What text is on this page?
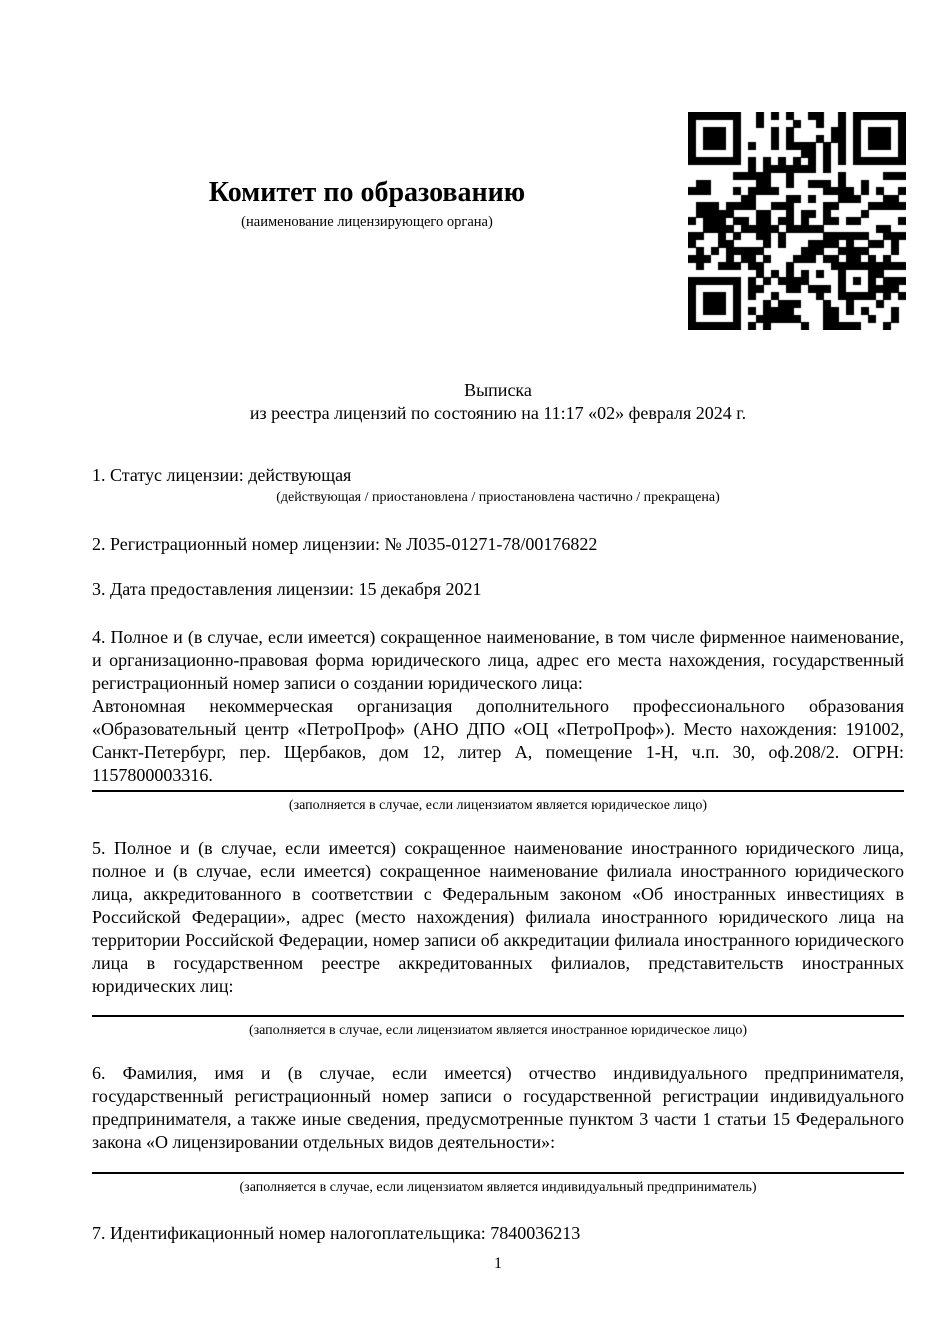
Комитет по образованию
(наименование лицензирующего органа)
Выписка
из реестра лицензий по состоянию на 11:17 «02» февраля 2024 г.
1. Статус лицензии: действующая
(действующая / приостановлена / приостановлена частично / прекращена)
2. Регистрационный номер лицензии: № Л035-01271-78/00176822
3. Дата предоставления лицензии: 15 декабря 2021
4. Полное и (в случае, если имеется) сокращенное наименование, в том числе фирменное наименование, и организационно-правовая форма юридического лица, адрес его места нахождения, государственный регистрационный номер записи о создании юридического лица:
Автономная некоммерческая организация дополнительного профессионального образования «Образовательный центр «ПетроПроф» (АНО ДПО «ОЦ «ПетроПроф»). Место нахождения: 191002, Санкт-Петербург, пер. Щербаков, дом 12, литер А, помещение 1-Н, ч.п. 30, оф.208/2. ОГРН: 1157800003316.
(заполняется в случае, если лицензиатом является юридическое лицо)
5. Полное и (в случае, если имеется) сокращенное наименование иностранного юридического лица, полное и (в случае, если имеется) сокращенное наименование филиала иностранного юридического лица, аккредитованного в соответствии с Федеральным законом «Об иностранных инвестициях в Российской Федерации», адрес (место нахождения) филиала иностранного юридического лица на территории Российской Федерации, номер записи об аккредитации филиала иностранного юридического лица в государственном реестре аккредитованных филиалов, представительств иностранных юридических лиц:
(заполняется в случае, если лицензиатом является иностранное юридическое лицо)
6. Фамилия, имя и (в случае, если имеется) отчество индивидуального предпринимателя, государственный регистрационный номер записи о государственной регистрации индивидуального предпринимателя, а также иные сведения, предусмотренные пунктом 3 части 1 статьи 15 Федерального закона «О лицензировании отдельных видов деятельности»:
(заполняется в случае, если лицензиатом является индивидуальный предприниматель)
7. Идентификационный номер налогоплательщика: 7840036213
1
